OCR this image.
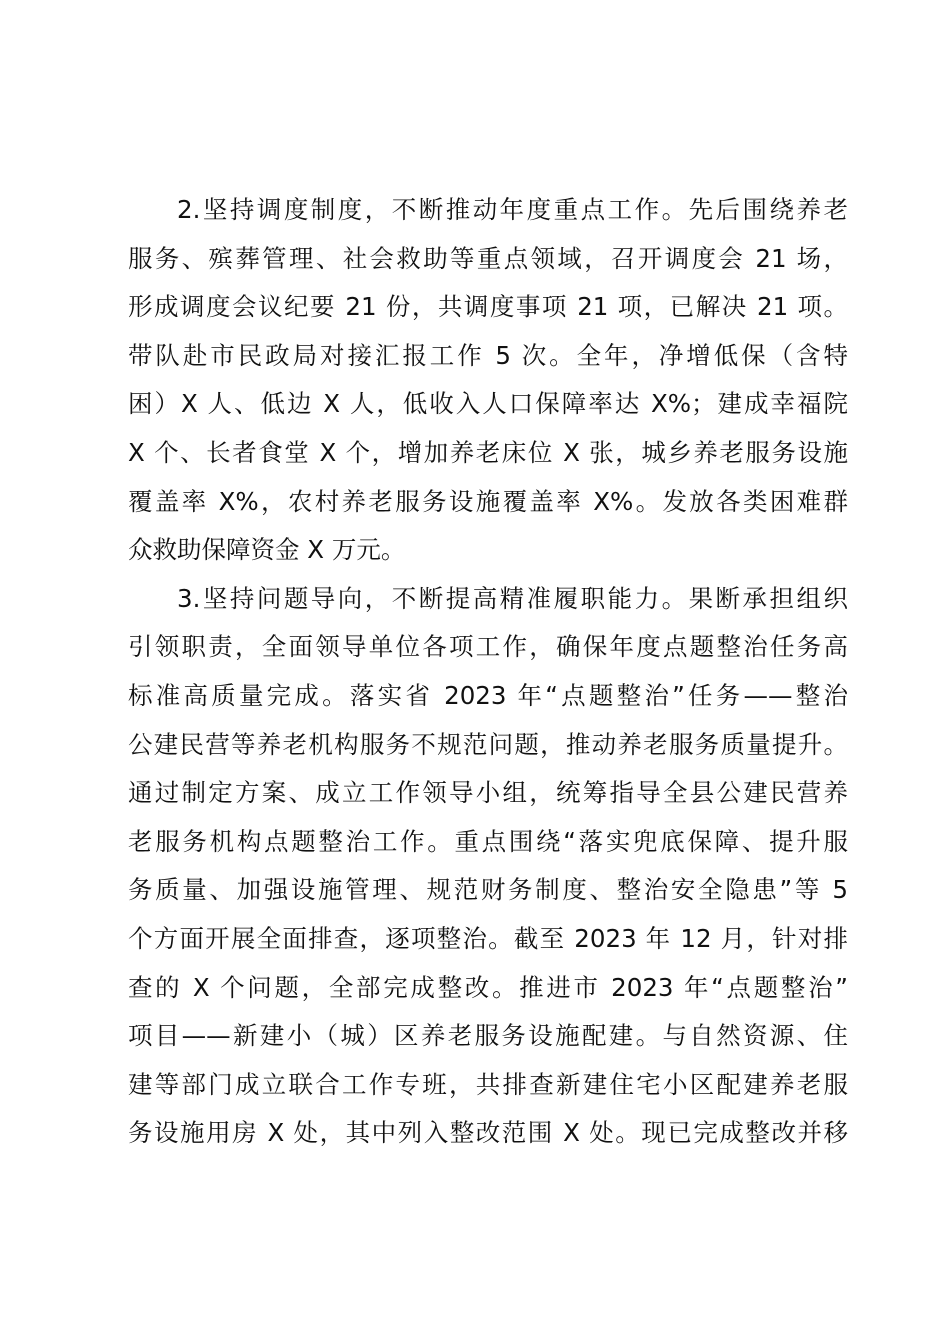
2.坚持调度制度，不断推动年度重点工作。先后围绕养老
服务、殡葬管理、社会救助等重点领域，召开调度会 21 场，
形成调度会议纪要 21 份，共调度事项 21 项，已解决 21 项。
带队赴市民政局对接汇报工作 5 次。全年，净增低保（含特
困）X 人、低边 X 人，低收入人口保障率达 X%；建成幸福院
X 个、长者食堂 X 个，增加养老床位 X 张，城乡养老服务设施
覆盖率 X%，农村养老服务设施覆盖率 X%。发放各类困难群
众救助保障资金 X 万元。
3.坚持问题导向，不断提高精准履职能力。果断承担组织
引领职责，全面领导单位各项工作，确保年度点题整治任务高
标准高质量完成。落实省 2023 年“点题整治”任务——整治
公建民营等养老机构服务不规范问题，推动养老服务质量提升。
通过制定方案、成立工作领导小组，统筹指导全县公建民营养
老服务机构点题整治工作。重点围绕“落实兜底保障、提升服
务质量、加强设施管理、规范财务制度、整治安全隐患”等 5
个方面开展全面排查，逐项整治。截至 2023 年 12 月，针对排
查的 X 个问题，全部完成整改。推进市 2023 年“点题整治”
项目——新建小（城）区养老服务设施配建。与自然资源、住
建等部门成立联合工作专班，共排查新建住宅小区配建养老服
务设施用房 X 处，其中列入整改范围 X 处。现已完成整改并移
